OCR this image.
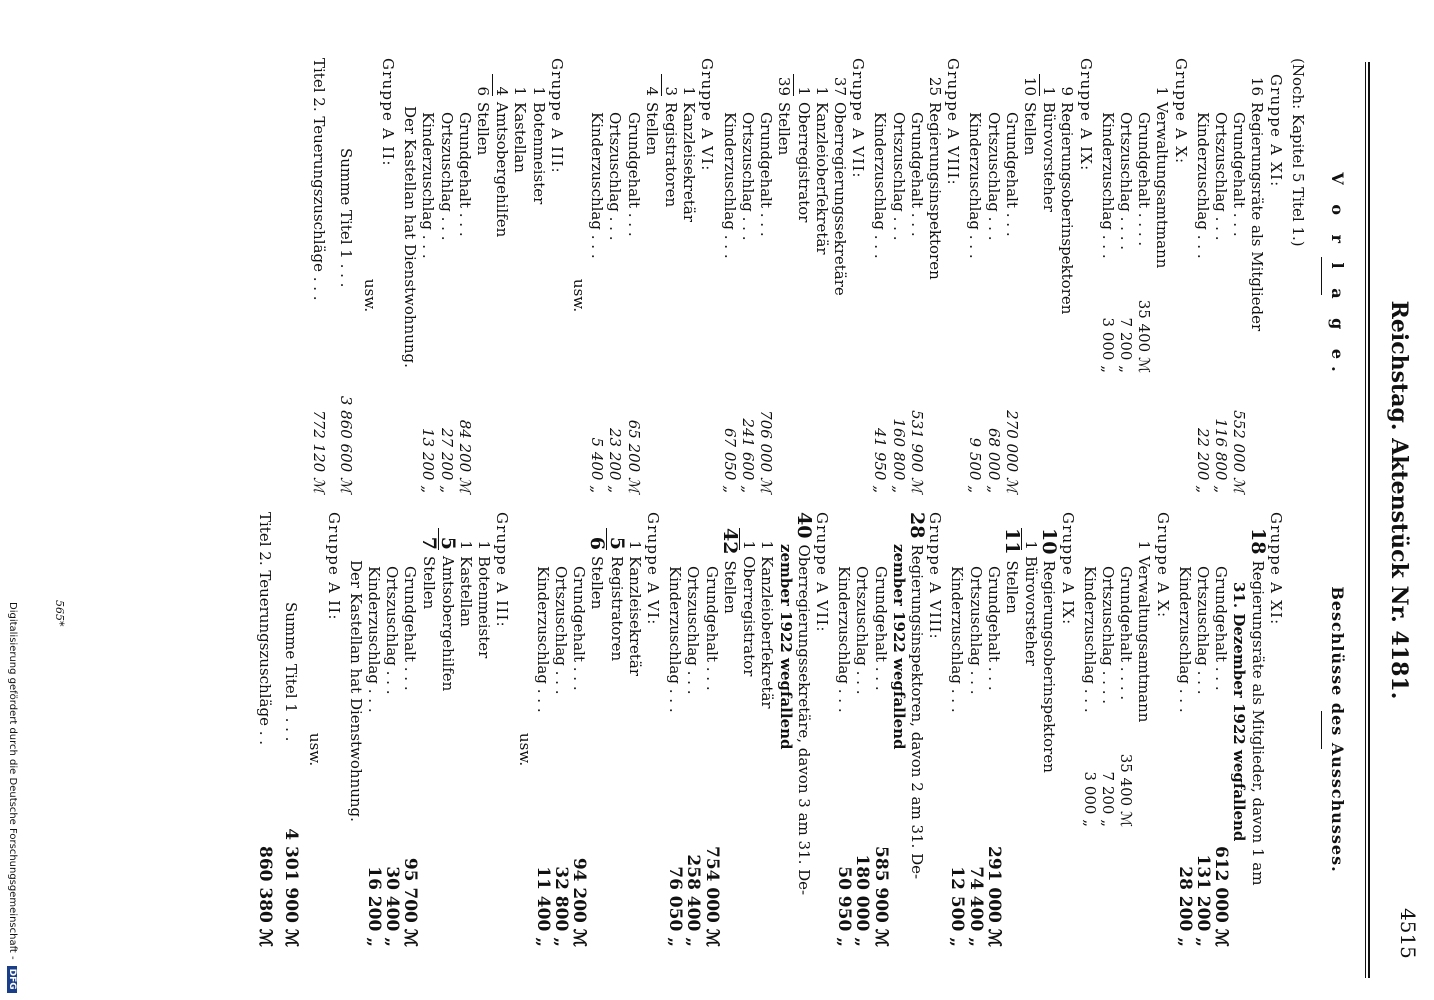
Reichstag. Aktenstück Nr. 4181.
4515
V o r l a g e.
(Noch: Kapitel 5 Titel 1.)
Gruppe A XI:
16
Regierungsräte als Mitglieder
Grundgehalt . . .
552 000 ℳ
Ortszuschlag . . .
116 800 „
Kinderzuschlag . . .
22 200 „
Gruppe A X:
1
Verwaltungsamtmann
Grundgehalt . . . .
35 400 ℳ
Ortszuschlag . . . .
7 200 „
Kinderzuschlag . . .
3 000 „
Gruppe A IX:
9
Regierungsoberinspektoren
1
Bürovorsteher
10
Stellen
Grundgehalt . . .
270 000 ℳ
Ortszuschlag . . .
68 000 „
Kinderzuschlag . . .
9 500 „
Gruppe A VIII:
25
Regierungsinspektoren
Grundgehalt . . .
531 900 ℳ
Ortszuschlag . . .
160 800 „
Kinderzuschlag . . .
41 950 „
Gruppe A VII:
37
Oberregierungssekretäre
1
Kanzleioberſekretär
1
Oberregistrator
39
Stellen
Grundgehalt . . .
706 000 ℳ
Ortszuschlag . . .
241 600 „
Kinderzuschlag . . .
67 050 „
Gruppe A VI:
1
Kanzleisekretär
3
Registratoren
4
Stellen
Grundgehalt . . .
65 200 ℳ
Ortszuschlag . . .
23 200 „
Kinderzuschlag . . .
5 400 „
usw.
Gruppe A III:
1
Botenmeister
1
Kastellan
4
Amtsobergehilfen
6
Stellen
Grundgehalt . . .
84 200 ℳ
Ortszuschlag . . .
27 200 „
Kinderzuschlag . . .
13 200 „
Der Kastellan hat Dienstwohnung.
Gruppe A II:
usw.
Summe Titel 1 . . .
3 860 600 ℳ
Titel 2. Teuerungszuschläge . . .
772 120 ℳ
Beschlüsse des Ausschusses.
Gruppe A XI:
18
Regierungsräte als Mitglieder, davon 1 am
31. Dezember 1922 wegfallend
Grundgehalt . . .
612 000 ℳ
Ortszuschlag . . .
131 200 „
Kinderzuschlag . . .
28 200 „
Gruppe A X:
1
Verwaltungsamtmann
Grundgehalt . . . .
35 400 ℳ
Ortszuschlag . . . .
7 200 „
Kinderzuschlag . . .
3 000 „
Gruppe A IX:
10
Regierungsoberinspektoren
1
Bürovorsteher
11
Stellen
Grundgehalt . . .
291 000 ℳ
Ortszuschlag . . .
74 400 „
Kinderzuschlag . . .
12 500 „
Gruppe A VIII:
28
Regierungsinspektoren, davon 2 am 31. De-
zember 1922 wegfallend
Grundgehalt . . .
585 900 ℳ
Ortszuschlag . . .
180 000 „
Kinderzuschlag . . .
50 950 „
Gruppe A VII:
40
Oberregierungssekretäre, davon 3 am 31. De-
zember 1922 wegfallend
1
Kanzleioberſekretär
1
Oberregistrator
42
Stellen
Grundgehalt . . .
754 000 ℳ
Ortszuschlag . . .
258 400 „
Kinderzuschlag . . .
76 050 „
Gruppe A VI:
1
Kanzleisekretär
5
Registratoren
6
Stellen
Grundgehalt . . .
94 200 ℳ
Ortszuschlag . . .
32 800 „
Kinderzuschlag . . .
11 400 „
usw.
Gruppe A III:
1
Botenmeister
1
Kastellan
5
Amtsobergehilfen
7
Stellen
Grundgehalt . . .
95 700 ℳ
Ortszuschlag . . .
30 400 „
Kinderzuschlag . . .
16 200 „
Der Kastellan hat Dienstwohnung.
Gruppe A II:
usw.
Summe Titel 1 . . .
4 301 900 ℳ
Titel 2. Teuerungszuschläge . .
860 380 ℳ
565*
Digitalisierung gefördert durch die Deutsche Forschungsgemeinschaft -DFG
